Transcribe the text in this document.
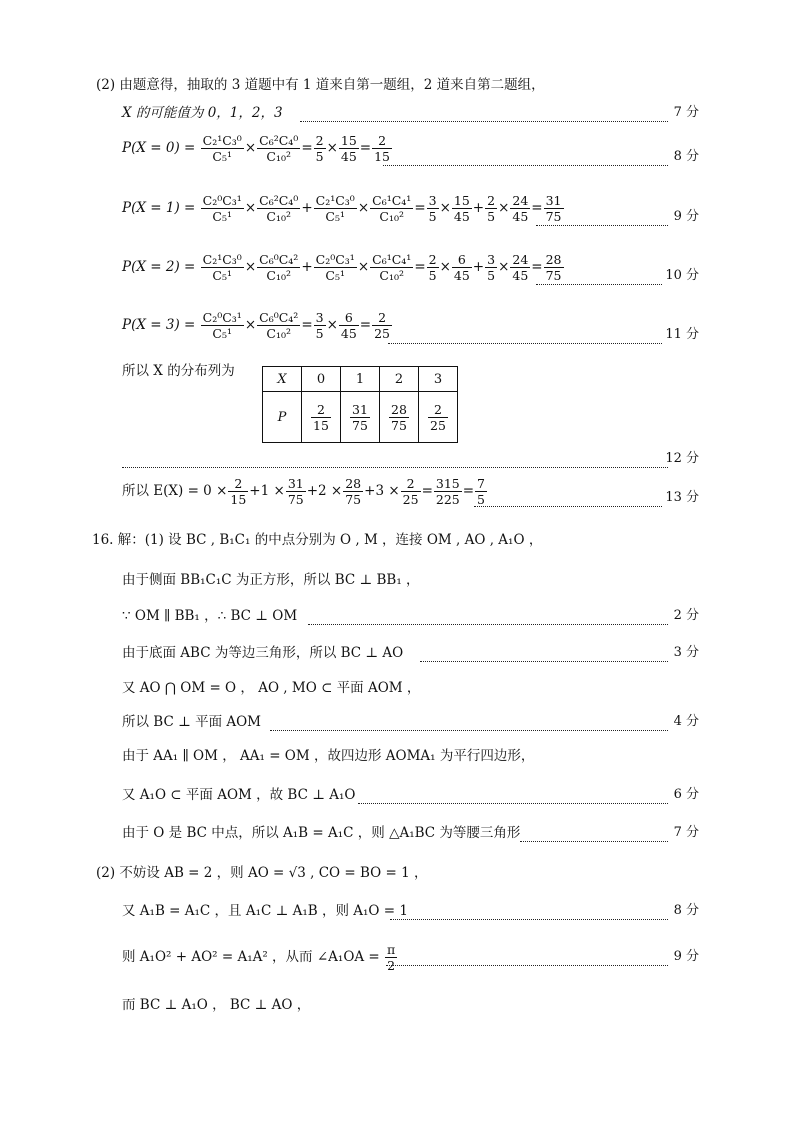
(2) 由题意得，抽取的 3 道题中有 1 道来自第一题组，2 道来自第二题组，
X 的可能值为 0，1，2，3	7 分
$P(X = 0) = \frac{\text{C₂¹C₃⁰}}{\text{C₅¹}} \times \frac{\text{C₆²C₄⁰}}{\text{C₁₀²}} = \frac{2}{5} \times \frac{15}{45} = \frac{2}{15}$	8 分
$P(X = 1) = \frac{\text{C₂⁰C₃¹}}{\text{C₅¹}} \times \frac{\text{C₆²C₄⁰}}{\text{C₁₀²}} + \frac{\text{C₂¹C₃⁰}}{\text{C₅¹}} \times \frac{\text{C₆¹C₄¹}}{\text{C₁₀²}} = \frac{3}{5} \times \frac{15}{45} + \frac{2}{5} \times \frac{24}{45} = \frac{31}{75}$	9 分
$P(X = 2) = \frac{\text{C₂¹C₃⁰}}{\text{C₅¹}} \times \frac{\text{C₆⁰C₄²}}{\text{C₁₀²}} + \frac{\text{C₂⁰C₃¹}}{\text{C₅¹}} \times \frac{\text{C₆¹C₄¹}}{\text{C₁₀²}} = \frac{2}{5} \times \frac{6}{45} + \frac{3}{5} \times \frac{24}{45} = \frac{28}{75}$	10 分
$P(X = 3) = \frac{\text{C₂⁰C₃¹}}{\text{C₅¹}} \times \frac{\text{C₆⁰C₄²}}{\text{C₁₀²}} = \frac{3}{5} \times \frac{6}{45} = \frac{2}{25}$	11 分
所以 X 的分布列为	X	0	1	2	3
P	$\frac{2}{15}$	$\frac{31}{75}$	$\frac{28}{75}$	$\frac{2}{25}$
12 分
所以 $E(X) = 0 \times \frac{2}{15} +1 \times \frac{31}{75} +2 \times \frac{28}{75} +3 \times \frac{2}{25} = \frac{315}{225} = \frac{7}{5}$	13 分
16. 解：(1) 设 BC , B₁C₁ 的中点分别为 O , M ，连接 OM , AO , A₁O ，
由于侧面 BB₁C₁C 为正方形，所以 BC ⊥ BB₁ ，
∵ OM ∥ BB₁ ，∴ BC ⊥ OM	2 分
由于底面 ABC 为等边三角形，所以 BC ⊥ AO	3 分
又 AO ⋂ OM = O ， AO , MO ⊂ 平面 AOM ，
所以 BC ⊥ 平面 AOM	4 分
由于 AA₁ ∥ OM ， AA₁ = OM ，故四边形 AOMA₁ 为平行四边形，
又 A₁O ⊂ 平面 AOM ，故 BC ⊥ A₁O	6 分
由于 O 是 BC 中点，所以 A₁B = A₁C ，则 △A₁BC 为等腰三角形	7 分
(2) 不妨设 AB = 2 ，则 AO = √3 , CO = BO = 1 ，
又 A₁B = A₁C ，且 A₁C ⊥ A₁B ，则 A₁O = 1	8 分
则 A₁O² + AO² = A₁A² ，从而 ∠A₁OA = $\frac{\pi}{2}$	9 分
而 BC ⊥ A₁O ， BC ⊥ AO ，
